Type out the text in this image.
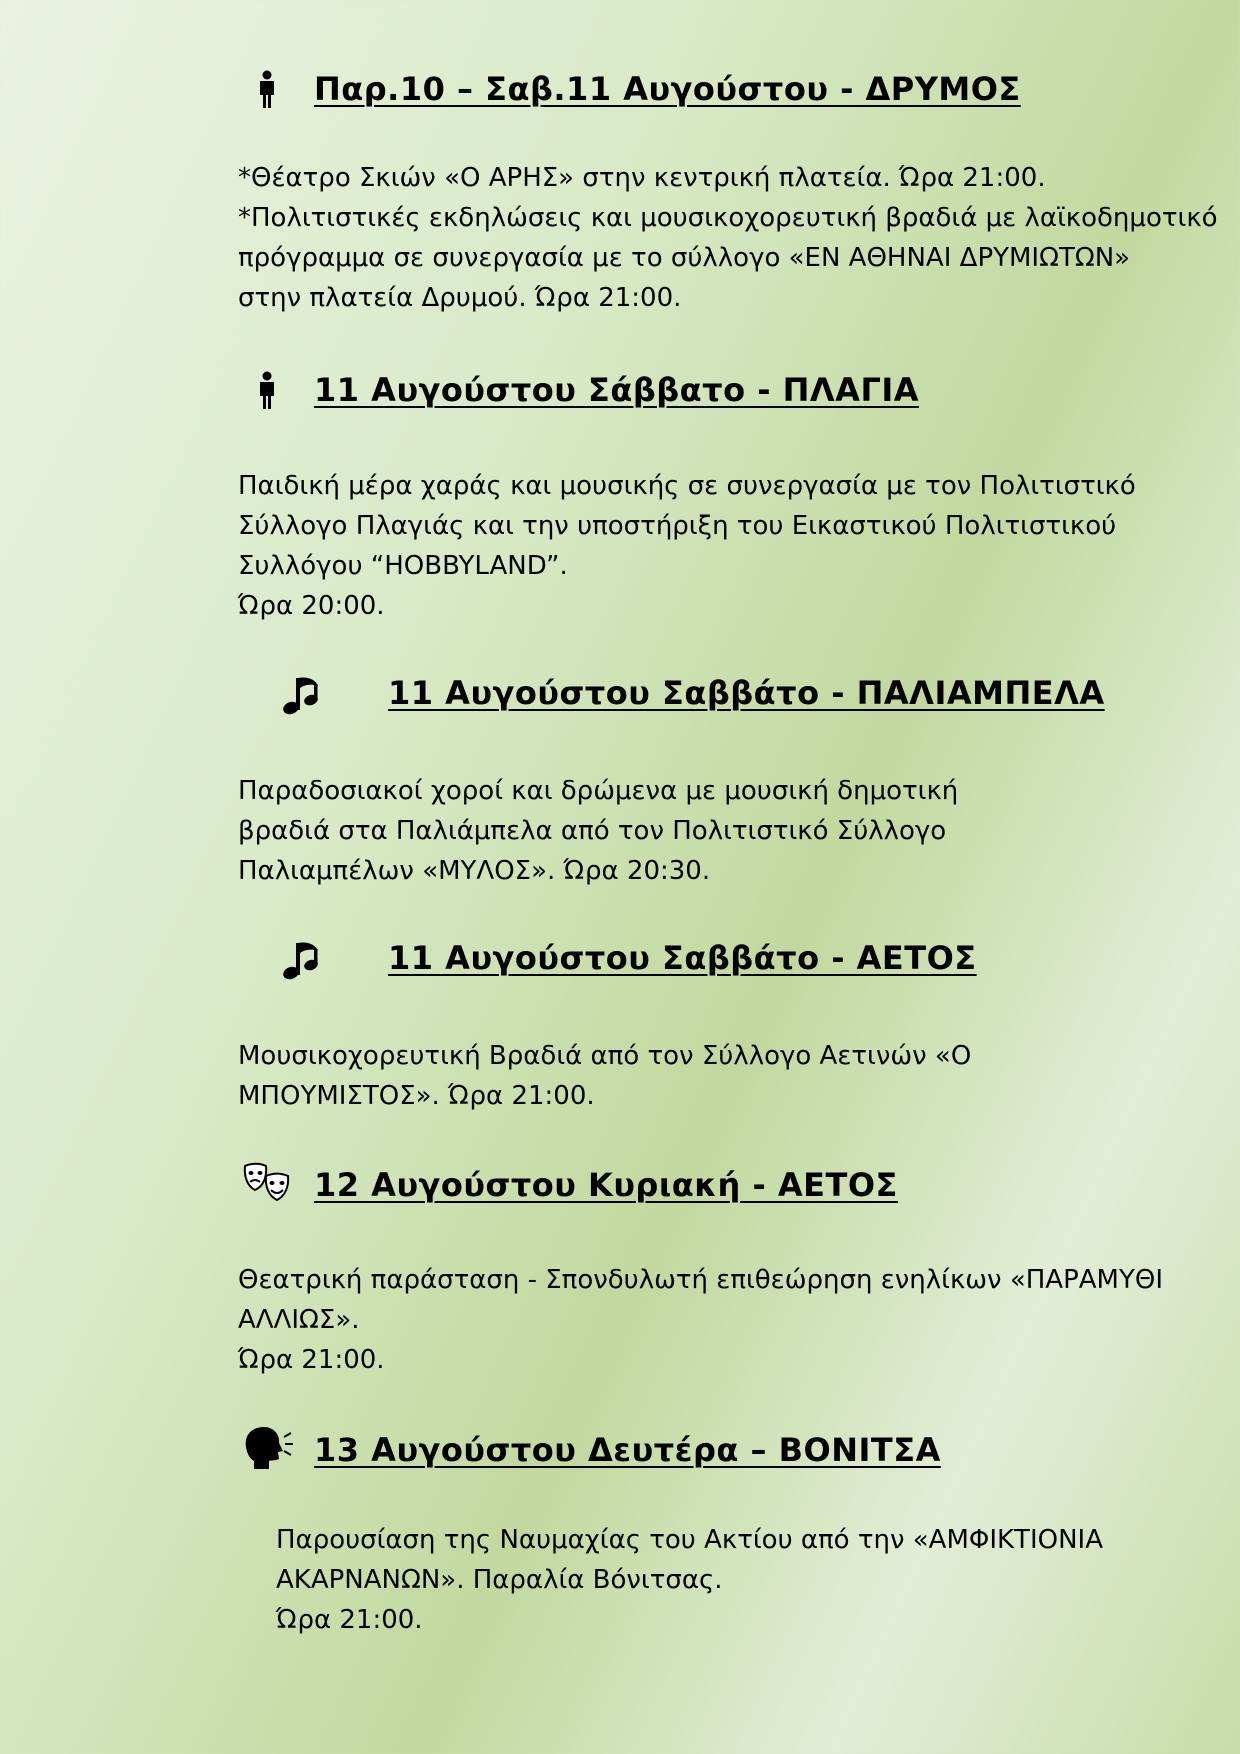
Παρ.10 – Σαβ.11 Αυγούστου - ΔΡΥΜΟΣ
*Θέατρο Σκιών «Ο ΑΡΗΣ» στην κεντρική πλατεία. Ώρα 21:00.
*Πολιτιστικές εκδηλώσεις και μουσικοχορευτική βραδιά με λαϊκοδημοτικό
πρόγραμμα σε συνεργασία με το σύλλογο «ΕΝ ΑΘΗΝΑΙ ΔΡΥΜΙΩΤΩΝ»
στην πλατεία Δρυμού. Ώρα 21:00.
11 Αυγούστου Σάββατο - ΠΛΑΓΙΑ
Παιδική μέρα χαράς και μουσικής σε συνεργασία με τον Πολιτιστικό
Σύλλογο Πλαγιάς και την υποστήριξη του Εικαστικού Πολιτιστικού
Συλλόγου “HOBBYLAND”.
Ώρα 20:00.
11 Αυγούστου Σαββάτο - ΠΑΛΙΑΜΠΕΛΑ
Παραδοσιακοί χοροί και δρώμενα με μουσική δημοτική
βραδιά στα Παλιάμπελα από τον Πολιτιστικό Σύλλογο
Παλιαμπέλων «ΜΥΛΟΣ». Ώρα 20:30.
11 Αυγούστου Σαββάτο - ΑΕΤΟΣ
Μουσικοχορευτική Βραδιά από τον Σύλλογο Αετινών «Ο
ΜΠΟΥΜΙΣΤΟΣ». Ώρα 21:00.
12 Αυγούστου Κυριακή - ΑΕΤΟΣ
Θεατρική παράσταση - Σπονδυλωτή επιθεώρηση ενηλίκων «ΠΑΡΑΜΥΘΙ
ΑΛΛΙΩΣ».
Ώρα 21:00.
13 Αυγούστου Δευτέρα – ΒΟΝΙΤΣΑ
Παρουσίαση της Ναυμαχίας του Ακτίου από την «ΑΜΦΙΚΤΙΟΝΙΑ
ΑΚΑΡΝΑΝΩΝ». Παραλία Βόνιτσας.
Ώρα 21:00.
